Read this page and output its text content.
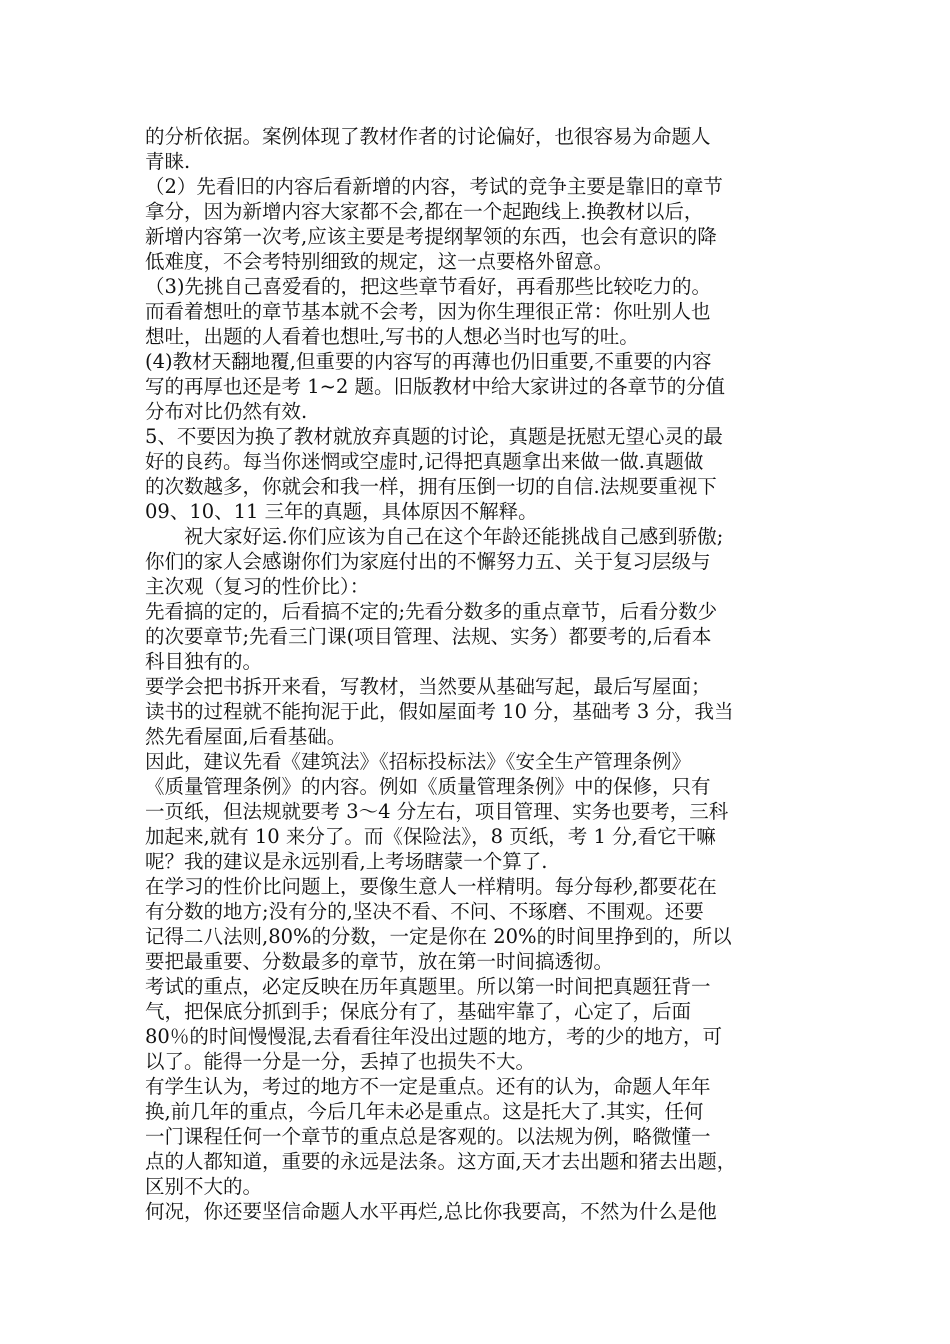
的分析依据。案例体现了教材作者的讨论偏好，也很容易为命题人
青睐.
（2）先看旧的内容后看新增的内容，考试的竞争主要是靠旧的章节
拿分，因为新增内容大家都不会,都在一个起跑线上.换教材以后，
新增内容第一次考,应该主要是考提纲挈领的东西，也会有意识的降
低难度，不会考特别细致的规定，这一点要格外留意。
（3)先挑自己喜爱看的，把这些章节看好，再看那些比较吃力的。
而看着想吐的章节基本就不会考，因为你生理很正常：你吐别人也
想吐，出题的人看着也想吐,写书的人想必当时也写的吐。
(4)教材天翻地覆,但重要的内容写的再薄也仍旧重要,不重要的内容
写的再厚也还是考 1~2 题。旧版教材中给大家讲过的各章节的分值
分布对比仍然有效.
5、不要因为换了教材就放弃真题的讨论，真题是抚慰无望心灵的最
好的良药。每当你迷惘或空虚时,记得把真题拿出来做一做.真题做
的次数越多，你就会和我一样，拥有压倒一切的自信.法规要重视下
09、10、11 三年的真题，具体原因不解释。
祝大家好运.你们应该为自己在这个年龄还能挑战自己感到骄傲;
你们的家人会感谢你们为家庭付出的不懈努力五、关于复习层级与
主次观（复习的性价比）：
先看搞的定的，后看搞不定的;先看分数多的重点章节，后看分数少
的次要章节;先看三门课(项目管理、法规、实务）都要考的,后看本
科目独有的。
要学会把书拆开来看，写教材，当然要从基础写起，最后写屋面；
读书的过程就不能拘泥于此，假如屋面考 10 分，基础考 3 分，我当
然先看屋面,后看基础。
因此，建议先看《建筑法》《招标投标法》《安全生产管理条例》
《质量管理条例》的内容。例如《质量管理条例》中的保修，只有
一页纸，但法规就要考 3～4 分左右，项目管理、实务也要考，三科
加起来,就有 10 来分了。而《保险法》，8 页纸，考 1 分,看它干嘛
呢？我的建议是永远别看,上考场瞎蒙一个算了.
在学习的性价比问题上，要像生意人一样精明。每分每秒,都要花在
有分数的地方;没有分的,坚决不看、不问、不琢磨、不围观。还要
记得二八法则,80%的分数，一定是你在 20%的时间里挣到的，所以
要把最重要、分数最多的章节，放在第一时间搞透彻。
考试的重点，必定反映在历年真题里。所以第一时间把真题狂背一
气，把保底分抓到手；保底分有了，基础牢靠了，心定了，后面
80％的时间慢慢混,去看看往年没出过题的地方，考的少的地方，可
以了。能得一分是一分，丢掉了也损失不大。
有学生认为，考过的地方不一定是重点。还有的认为，命题人年年
换,前几年的重点，今后几年未必是重点。这是托大了.其实，任何
一门课程任何一个章节的重点总是客观的。以法规为例，略微懂一
点的人都知道，重要的永远是法条。这方面,天才去出题和猪去出题，
区别不大的。
何况，你还要坚信命题人水平再烂,总比你我要高，不然为什么是他
